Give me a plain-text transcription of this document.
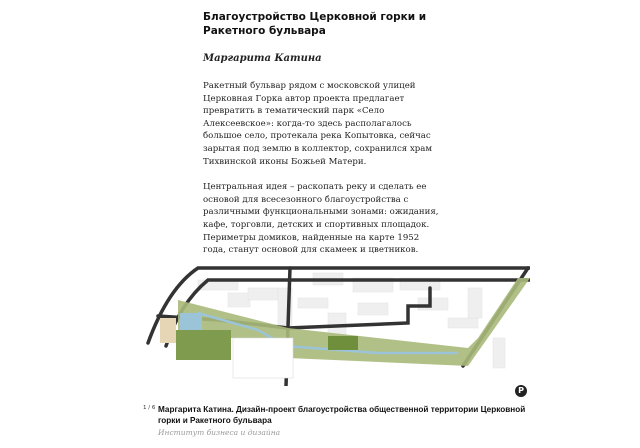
Благоустройство Церковной горки и Ракетного бульвара
Маргарита Катина

Ракетный бульвар рядом с московской улицей Церковная Горка автор проекта предлагает превратить в тематический парк «Село Алексеевское»: когда-то здесь располагалось большое село, протекала река Копытовка, сейчас зарытая под землю в коллектор, сохранился храм Тихвинской иконы Божьей Матери.

Центральная идея – раскопать реку и сделать ее основой для всесезонного благоустройства с различными функциональными зонами: ожидания, кафе, торговли, детских и спортивных площадок. Периметры домиков, найденные на карте 1952 года, станут основой для скамеек и цветников.

P
1 / 6 Маргарита Катина. Дизайн-проект благоустройства общественной территории Церковной горки и Ракетного бульвара
Институт бизнеса и дизайна
